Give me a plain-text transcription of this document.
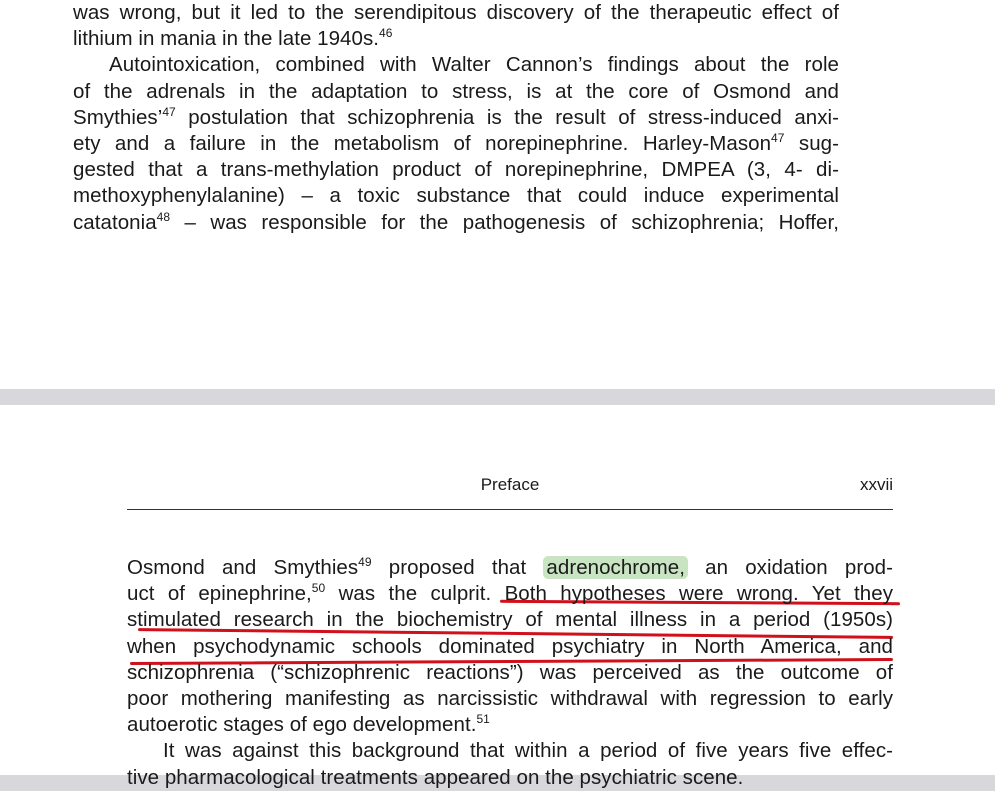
was wrong, but it led to the serendipitous discovery of the therapeutic effect of
lithium in mania in the late 1940s.$^{46}$
Autointoxication, combined with Walter Cannon’s findings about the role
of the adrenals in the adaptation to stress, is at the core of Osmond and
Smythies’$^{47}$ postulation that schizophrenia is the result of stress-induced anxi-
ety and a failure in the metabolism of norepinephrine. Harley-Mason$^{47}$ sug-
gested that a trans-methylation product of norepinephrine, DMPEA (3, 4- di-
methoxyphenylalanine) – a toxic substance that could induce experimental
catatonia$^{48}$ – was responsible for the pathogenesis of schizophrenia; Hoffer,
Preface	xxvii
Osmond and Smythies$^{49}$ proposed that adrenochrome, an oxidation prod-
uct of epinephrine,$^{50}$ was the culprit. Both hypotheses were wrong. Yet they
stimulated research in the biochemistry of mental illness in a period (1950s)
when psychodynamic schools dominated psychiatry in North America, and
schizophrenia (“schizophrenic reactions”) was perceived as the outcome of
poor mothering manifesting as narcissistic withdrawal with regression to early
autoerotic stages of ego development.$^{51}$
It was against this background that within a period of five years five effec-
tive pharmacological treatments appeared on the psychiatric scene.
